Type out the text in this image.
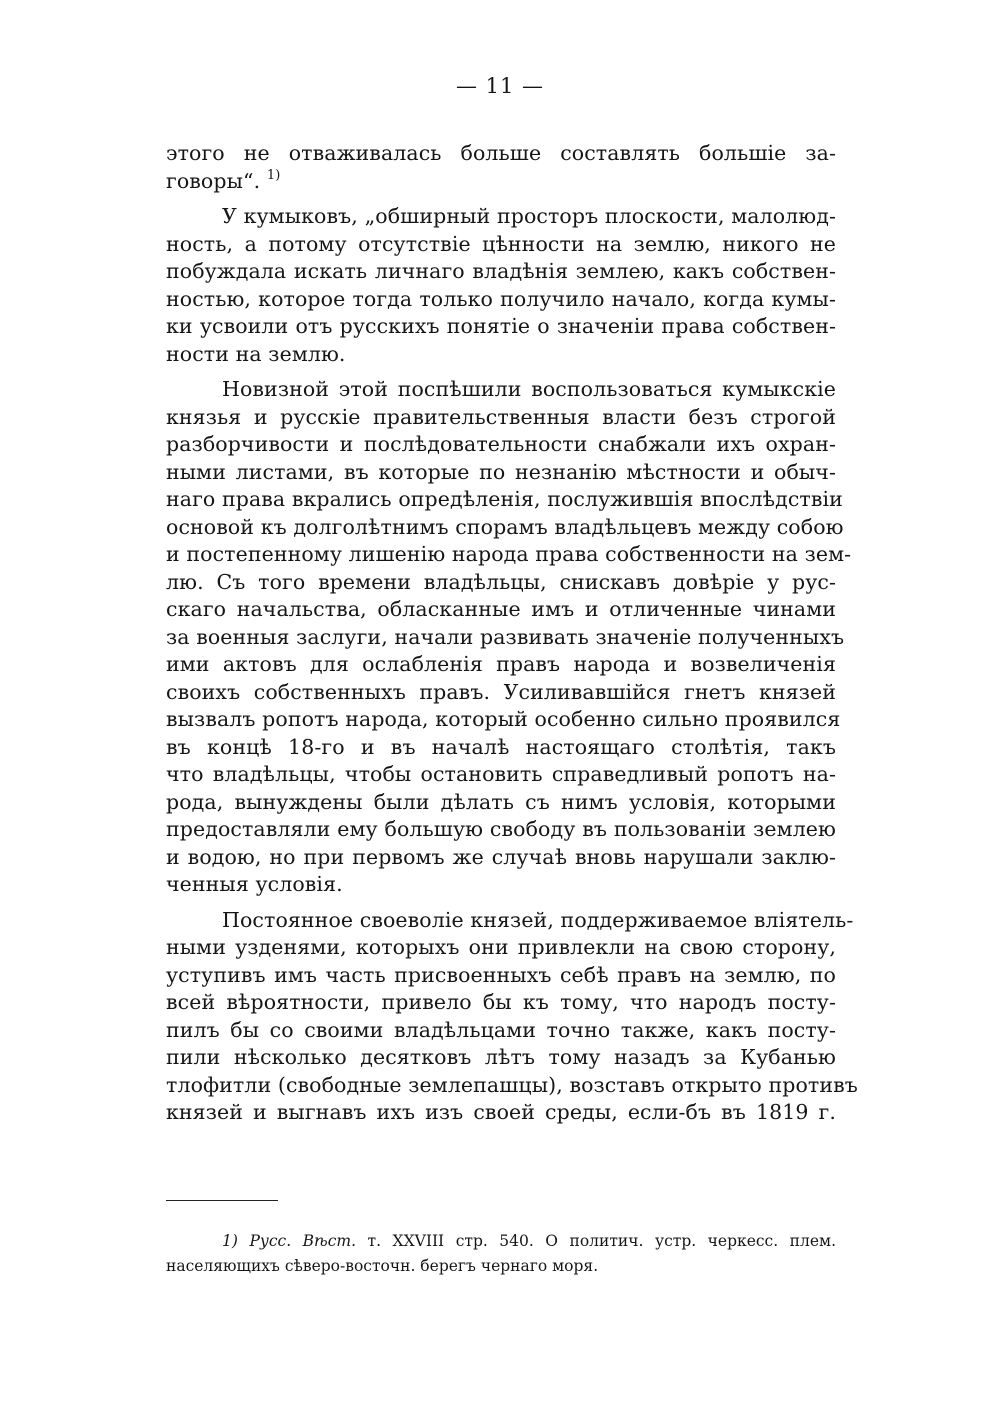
— 11 —
этого не отваживалась больше составлять большіе за-
говоры“. $^{1)}$
У кумыковъ, „обширный просторъ плоскости, малолюд-
ность, а потому отсутствіе цѣнности на землю, никого не
побуждала искать личнаго владѣнія землею, какъ собствен-
ностью, которое тогда только получило начало, когда кумы-
ки усвоили отъ русскихъ понятіе о значеніи права собствен-
ности на землю.
Новизной этой поспѣшили воспользоваться кумыкскіе
князья и русскіе правительственныя власти безъ строгой
разборчивости и послѣдовательности снабжали ихъ охран-
ными листами, въ которые по незнанію мѣстности и обыч-
наго права вкрались опредѣленія, послужившія впослѣдствіи
основой къ долголѣтнимъ спорамъ владѣльцевъ между собою
и постепенному лишенію народа права собственности на зем-
лю. Съ того времени владѣльцы, снискавъ довѣріе у рус-
скаго начальства, обласканные имъ и отличенные чинами
за военныя заслуги, начали развивать значеніе полученныхъ
ими актовъ для ослабленія правъ народа и возвеличенія
своихъ собственныхъ правъ. Усиливавшійся гнетъ князей
вызвалъ ропотъ народа, который особенно сильно проявился
въ концѣ 18-го и въ началѣ настоящаго столѣтія, такъ
что владѣльцы, чтобы остановить справедливый ропотъ на-
рода, вынуждены были дѣлать съ нимъ условія, которыми
предоставляли ему большую свободу въ пользованіи землею
и водою, но при первомъ же случаѣ вновь нарушали заклю-
ченныя условія.
Постоянное своеволіе князей, поддерживаемое вліятель-
ными узденями, которыхъ они привлекли на свою сторону,
уступивъ имъ часть присвоенныхъ себѣ правъ на землю, по
всей вѣроятности, привело бы къ тому, что народъ посту-
пилъ бы со своими владѣльцами точно также, какъ посту-
пили нѣсколько десятковъ лѣтъ тому назадъ за Кубанью
тлофитли (свободные землепашцы), возставъ открыто противъ
князей и выгнавъ ихъ изъ своей среды, если-бъ въ 1819 г.
1) Русс. Вѣст. т. XXVIII стр. 540. О политич. устр. черкесс. плем.
населяющихъ сѣверо-восточн. берегъ чернаго моря.
